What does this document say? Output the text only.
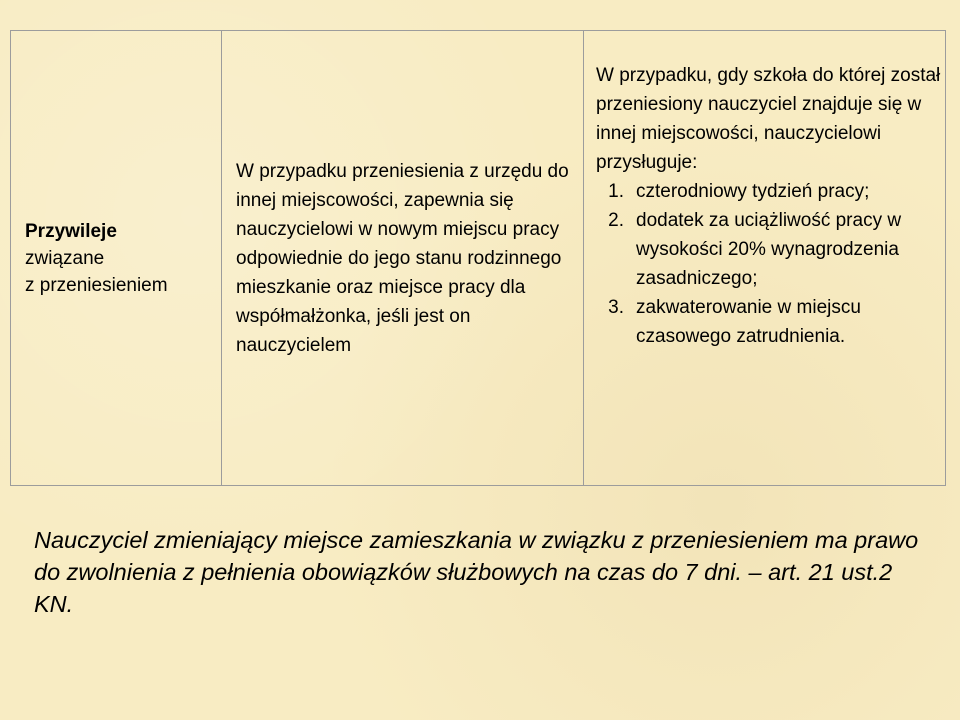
Przywileje
związane
z przeniesieniem
W przypadku przeniesienia z urzędu do innej miejscowości, zapewnia się nauczycielowi w nowym miejscu pracy odpowiednie do jego stanu rodzinnego mieszkanie oraz miejsce pracy dla współmałżonka, jeśli jest on nauczycielem
W przypadku, gdy szkoła do której został przeniesiony nauczyciel znajduje się w innej miejscowości, nauczycielowi przysługuje:
1. czterodniowy tydzień pracy;
2. dodatek za uciążliwość pracy w wysokości 20% wynagrodzenia zasadniczego;
3. zakwaterowanie w miejscu czasowego zatrudnienia.
Nauczyciel zmieniający miejsce zamieszkania w związku z przeniesieniem ma prawo do zwolnienia z pełnienia obowiązków służbowych na czas do 7 dni. – art. 21 ust.2 KN.
